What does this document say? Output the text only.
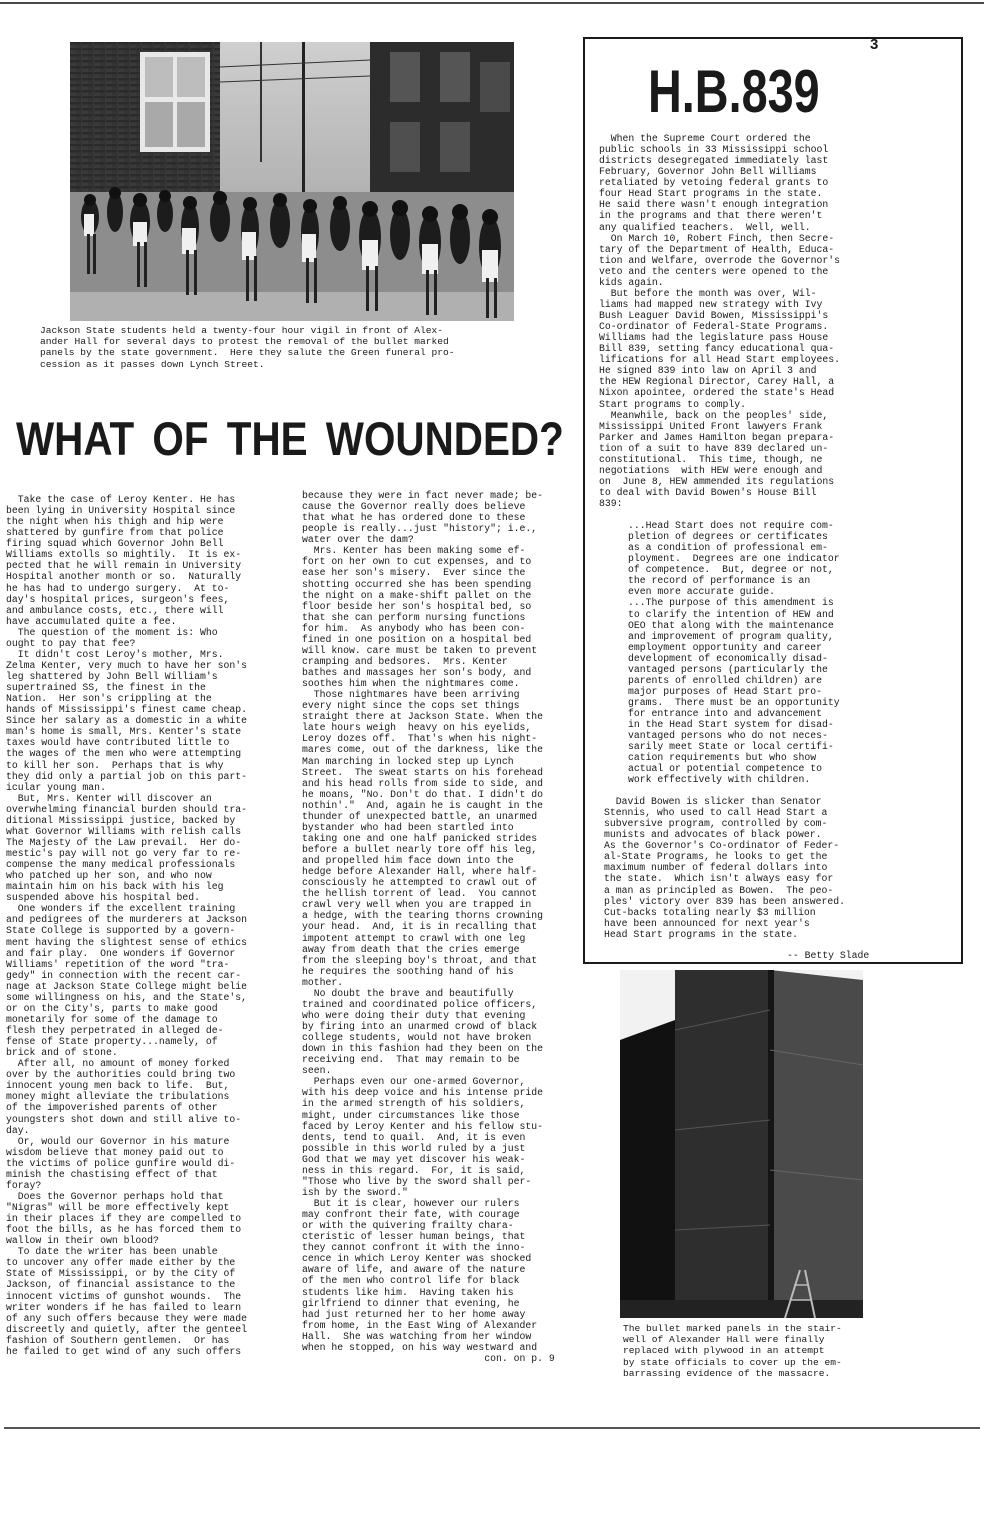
Jackson State students held a twenty-four hour vigil in front of Alex-
ander Hall for several days to protest the removal of the bullet marked
panels by the state government.  Here they salute the Green funeral pro-
cession as it passes down Lynch Street.
WHAT OF THE WOUNDED?
Take the case of Leroy Kenter. He has
been lying in University Hospital since
the night when his thigh and hip were
shattered by gunfire from that police
firing squad which Governor John Bell
Williams extolls so mightily.  It is ex-
pected that he will remain in University
Hospital another month or so.  Naturally
he has had to undergo surgery.  At to-
day's hospital prices, surgeon's fees,
and ambulance costs, etc., there will
have accumulated quite a fee.
The question of the moment is: Who
ought to pay that fee?
It didn't cost Leroy's mother, Mrs.
Zelma Kenter, very much to have her son's
leg shattered by John Bell William's
supertrained SS, the finest in the
Nation.  Her son's crippling at the
hands of Mississippi's finest came cheap.
Since her salary as a domestic in a white
man's home is small, Mrs. Kenter's state
taxes would have contributed little to
the wages of the men who were attempting
to kill her son.  Perhaps that is why
they did only a partial job on this part-
icular young man.
But, Mrs. Kenter will discover an
overwhelming financial burden should tra-
ditional Mississippi justice, backed by
what Governor Williams with relish calls
The Majesty of the Law prevail.  Her do-
mestic's pay will not go very far to re-
compense the many medical professionals
who patched up her son, and who now
maintain him on his back with his leg
suspended above his hospital bed.
One wonders if the excellent training
and pedigrees of the murderers at Jackson
State College is supported by a govern-
ment having the slightest sense of ethics
and fair play.  One wonders if Governor
Williams' repetition of the word "tra-
gedy" in connection with the recent car-
nage at Jackson State College might belie
some willingness on his, and the State's,
or on the City's, parts to make good
monetarily for some of the damage to
flesh they perpetrated in alleged de-
fense of State property...namely, of
brick and of stone.
After all, no amount of money forked
over by the authorities could bring two
innocent young men back to life.  But,
money might alleviate the tribulations
of the impoverished parents of other
youngsters shot down and still alive to-
day.
Or, would our Governor in his mature
wisdom believe that money paid out to
the victims of police gunfire would di-
minish the chastising effect of that
foray?
Does the Governor perhaps hold that
"Nigras" will be more effectively kept
in their places if they are compelled to
foot the bills, as he has forced them to
wallow in their own blood?
To date the writer has been unable
to uncover any offer made either by the
State of Mississippi, or by the City of
Jackson, of financial assistance to the
innocent victims of gunshot wounds.  The
writer wonders if he has failed to learn
of any such offers because they were made
discreetly and quietly, after the genteel
fashion of Southern gentlemen.  Or has
he failed to get wind of any such offers
because they were in fact never made; be-
cause the Governor really does believe
that what he has ordered done to these
people is really...just "history"; i.e.,
water over the dam?
Mrs. Kenter has been making some ef-
fort on her own to cut expenses, and to
ease her son's misery.  Ever since the
shotting occurred she has been spending
the night on a make-shift pallet on the
floor beside her son's hospital bed, so
that she can perform nursing functions
for him.  As anybody who has been con-
fined in one position on a hospital bed
will know. care must be taken to prevent
cramping and bedsores.  Mrs. Kenter
bathes and massages her son's body, and
soothes him when the nightmares come.
Those nightmares have been arriving
every night since the cops set things
straight there at Jackson State. When the
late hours weigh  heavy on his eyelids,
Leroy dozes off.  That's when his night-
mares come, out of the darkness, like the
Man marching in locked step up Lynch
Street.  The sweat starts on his forehead
and his head rolls from side to side, and
he moans, "No. Don't do that. I didn't do
nothin'."  And, again he is caught in the
thunder of unexpected battle, an unarmed
bystander who had been startled into
taking one and one half panicked strides
before a bullet nearly tore off his leg,
and propelled him face down into the
hedge before Alexander Hall, where half-
consciously he attempted to crawl out of
the hellish torrent of lead.  You cannot
crawl very well when you are trapped in
a hedge, with the tearing thorns crowning
your head.  And, it is in recalling that
impotent attempt to crawl with one leg
away from death that the cries emerge
from the sleeping boy's throat, and that
he requires the soothing hand of his
mother.
No doubt the brave and beautifully
trained and coordinated police officers,
who were doing their duty that evening
by firing into an unarmed crowd of black
college students, would not have broken
down in this fashion had they been on the
receiving end.  That may remain to be
seen.
Perhaps even our one-armed Governor,
with his deep voice and his intense pride
in the armed strength of his soldiers,
might, under circumstances like those
faced by Leroy Kenter and his fellow stu-
dents, tend to quail.  And, it is even
possible in this world ruled by a just
God that we may yet discover his weak-
ness in this regard.  For, it is said,
"Those who live by the sword shall per-
ish by the sword."
But it is clear, however our rulers
may confront their fate, with courage
or with the quivering frailty chara-
cteristic of lesser human beings, that
they cannot confront it with the inno-
cence in which Leroy Kenter was shocked
aware of life, and aware of the nature
of the men who control life for black
students like him.  Having taken his
girlfriend to dinner that evening, he
had just returned her to her home away
from home, in the East Wing of Alexander
Hall.  She was watching from her window
when he stopped, on his way westward and
con. on p. 9
3
H.B.839
When the Supreme Court ordered the
public schools in 33 Mississippi school
districts desegregated immediately last
February, Governor John Bell Williams
retaliated by vetoing federal grants to
four Head Start programs in the state.
He said there wasn't enough integration
in the programs and that there weren't
any qualified teachers.  Well, well.
On March 10, Robert Finch, then Secre-
tary of the Department of Health, Educa-
tion and Welfare, overrode the Governor's
veto and the centers were opened to the
kids again.
But before the month was over, Wil-
liams had mapped new strategy with Ivy
Bush Leaguer David Bowen, Mississippi's
Co-ordinator of Federal-State Programs.
Williams had the legislature pass House
Bill 839, setting fancy educational qua-
lifications for all Head Start employees.
He signed 839 into law on April 3 and
the HEW Regional Director, Carey Hall, a
Nixon apointee, ordered the state's Head
Start programs to comply.
Meanwhile, back on the peoples' side,
Mississippi United Front lawyers Frank
Parker and James Hamilton began prepara-
tion of a suit to have 839 declared un-
constitutional.  This time, though, ne
negotiations  with HEW were enough and
on  June 8, HEW ammended its regulations
to deal with David Bowen's House Bill
839:
...Head Start does not require com-
pletion of degrees or certificates
as a condition of professional em-
ployment.  Degrees are one indicator
of competence.  But, degree or not,
the record of performance is an
even more accurate guide.
...The purpose of this amendment is
to clarify the intention of HEW and
OEO that along with the maintenance
and improvement of program quality,
employment opportunity and career
development of economically disad-
vantaged persons (particularly the
parents of enrolled children) are
major purposes of Head Start pro-
grams.  There must be an opportunity
for entrance into and advancement
in the Head Start system for disad-
vantaged persons who do not neces-
sarily meet State or local certifi-
cation requirements but who show
actual or potential competence to
work effectively with children.
David Bowen is slicker than Senator
Stennis, who used to call Head Start a
subversive program, controlled by com-
munists and advocates of black power.
As the Governor's Co-ordinator of Feder-
al-State Programs, he looks to get the
maximum number of federal dollars into
the state.  Which isn't always easy for
a man as principled as Bowen.  The peo-
ples' victory over 839 has been answered.
Cut-backs totaling nearly $3 million
have been announced for next year's
Head Start programs in the state.
-- Betty Slade
The bullet marked panels in the stair-
well of Alexander Hall were finally
replaced with plywood in an attempt
by state officials to cover up the em-
barrassing evidence of the massacre.
